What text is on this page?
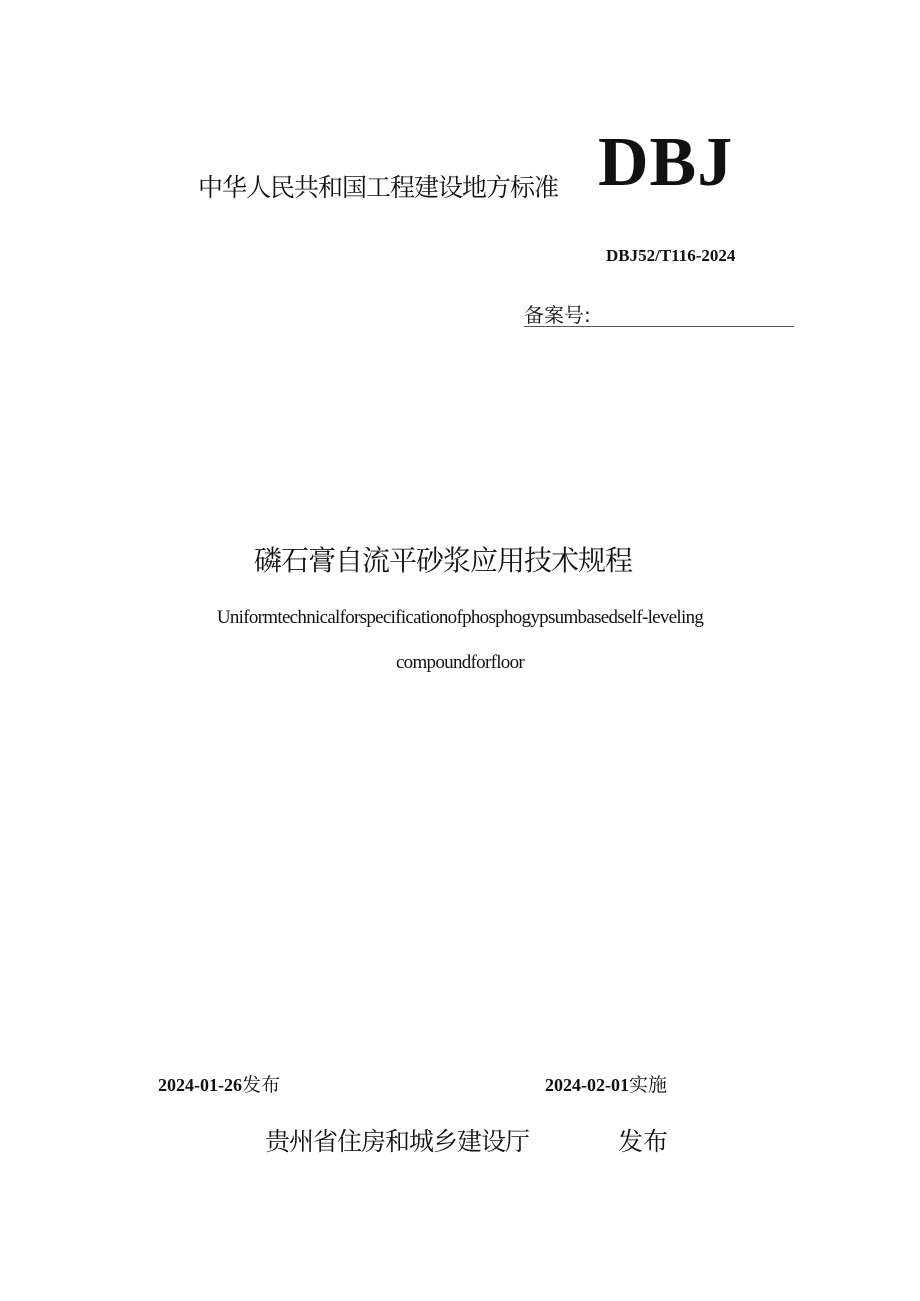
中华人民共和国工程建设地方标准 DBJ
DBJ52/T116-2024
备案号:
磷石膏自流平砂浆应用技术规程
Uniformtechnicalforspecificationofphosphogypsumbasedself-leveling
compoundforfloor
2024-01-26发布	2024-02-01实施
贵州省住房和城乡建设厅	发布
